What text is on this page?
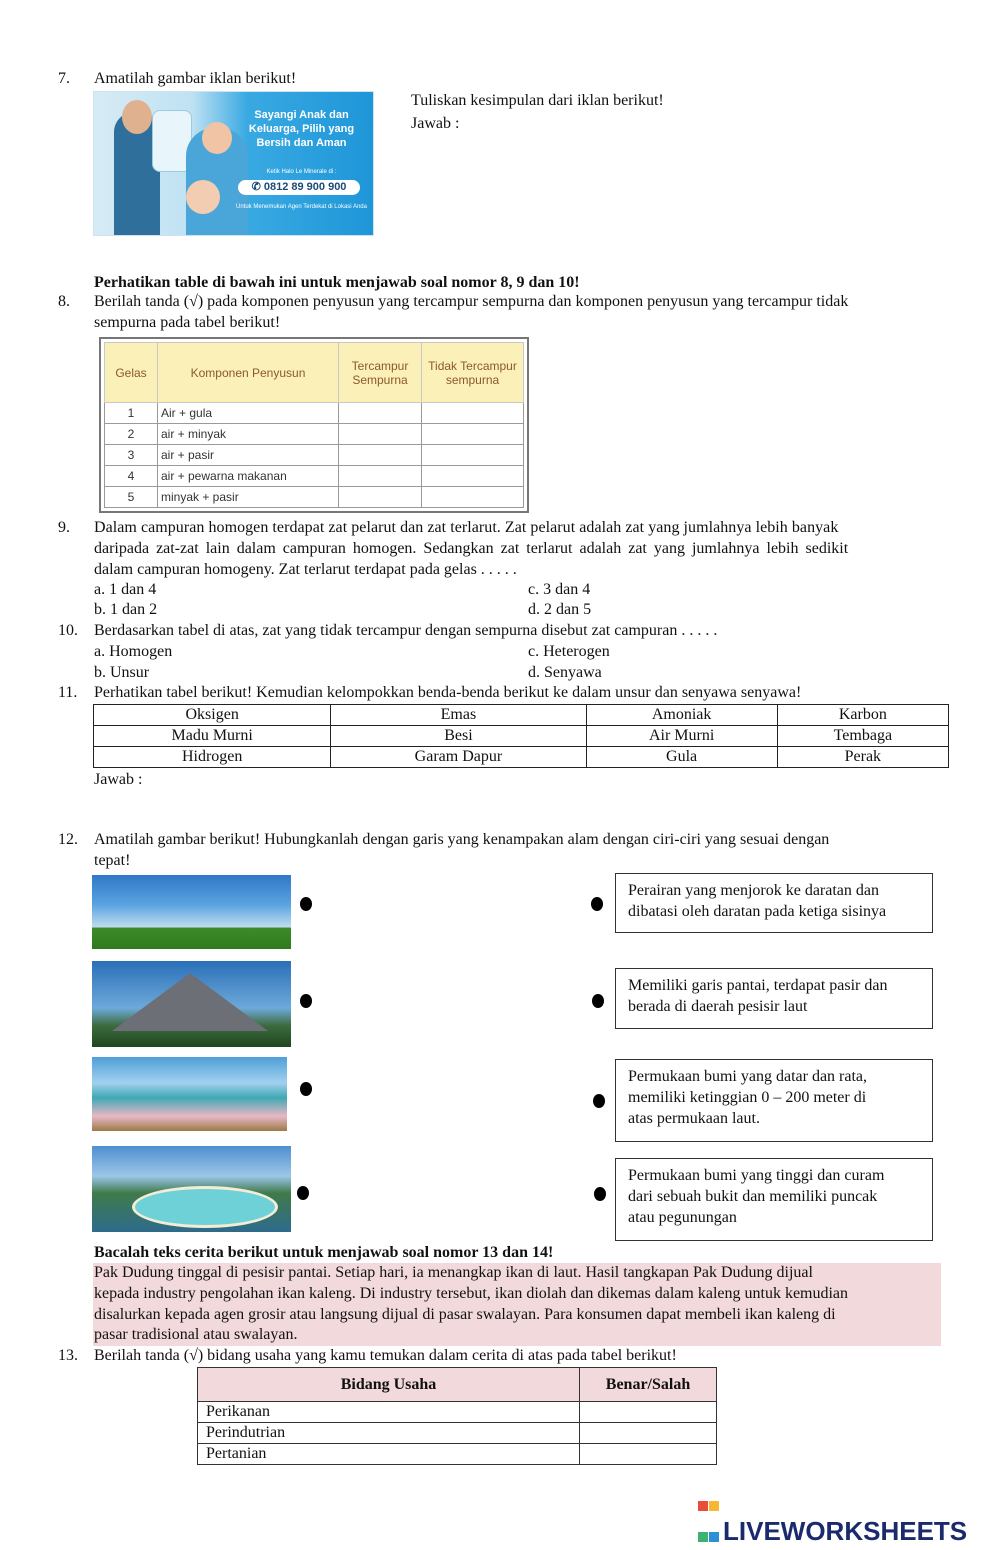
7. Amatilah gambar iklan berikut!
Sayangi Anak dan Keluarga, Pilih yang Bersih dan Aman
Ketik Halo Le Minerale di :
✆ 0812 89 900 900
Untuk Menemukan Agen Terdekat di Lokasi Anda
Tuliskan kesimpulan dari iklan berikut!
Jawab :
Perhatikan table di bawah ini untuk menjawab soal nomor 8, 9 dan 10!
8. Berilah tanda (√) pada komponen penyusun yang tercampur sempurna dan komponen penyusun yang tercampur tidak
sempurna pada tabel berikut!
Gelas	Komponen Penyusun	Tercampur Sempurna	Tidak Tercampur sempurna
1	Air + gula		
2	air + minyak		
3	air + pasir		
4	air + pewarna makanan		
5	minyak + pasir		
9. Dalam campuran homogen terdapat zat pelarut dan zat terlarut. Zat pelarut adalah zat yang jumlahnya lebih banyak
daripada zat-zat lain dalam campuran homogen. Sedangkan zat terlarut adalah zat yang jumlahnya lebih sedikit
dalam campuran homogeny. Zat terlarut terdapat pada gelas . . . . .
a. 1 dan 4
b. 1 dan 2
c. 3 dan 4
d. 2 dan 5
10. Berdasarkan tabel di atas, zat yang tidak tercampur dengan sempurna disebut zat campuran . . . . .
a. Homogen
b. Unsur
c. Heterogen
d. Senyawa
11. Perhatikan tabel berikut! Kemudian kelompokkan benda-benda berikut ke dalam unsur dan senyawa senyawa!
Oksigen	Emas	Amoniak	Karbon
Madu Murni	Besi	Air Murni	Tembaga
Hidrogen	Garam Dapur	Gula	Perak
Jawab :
12. Amatilah gambar berikut! Hubungkanlah dengan garis yang kenampakan alam dengan ciri-ciri yang sesuai dengan
tepat!
Perairan yang menjorok ke daratan dan
dibatasi oleh daratan pada ketiga sisinya
Memiliki garis pantai, terdapat pasir dan
berada di daerah pesisir laut
Permukaan bumi yang datar dan rata,
memiliki ketinggian 0 – 200 meter di
atas permukaan laut.
Permukaan bumi yang tinggi dan curam
dari sebuah bukit dan memiliki puncak
atau pegunungan
Bacalah teks cerita berikut untuk menjawab soal nomor 13 dan 14!
Pak Dudung tinggal di pesisir pantai. Setiap hari, ia menangkap ikan di laut. Hasil tangkapan Pak Dudung dijual
kepada industry pengolahan ikan kaleng. Di industry tersebut, ikan diolah dan dikemas dalam kaleng untuk kemudian
disalurkan kepada agen grosir atau langsung dijual di pasar swalayan. Para konsumen dapat membeli ikan kaleng di
pasar tradisional atau swalayan.
13. Berilah tanda (√) bidang usaha yang kamu temukan dalam cerita di atas pada tabel berikut!
Bidang Usaha	Benar/Salah
Perikanan	
Perindutrian	
Pertanian	

LIVEWORKSHEETS
